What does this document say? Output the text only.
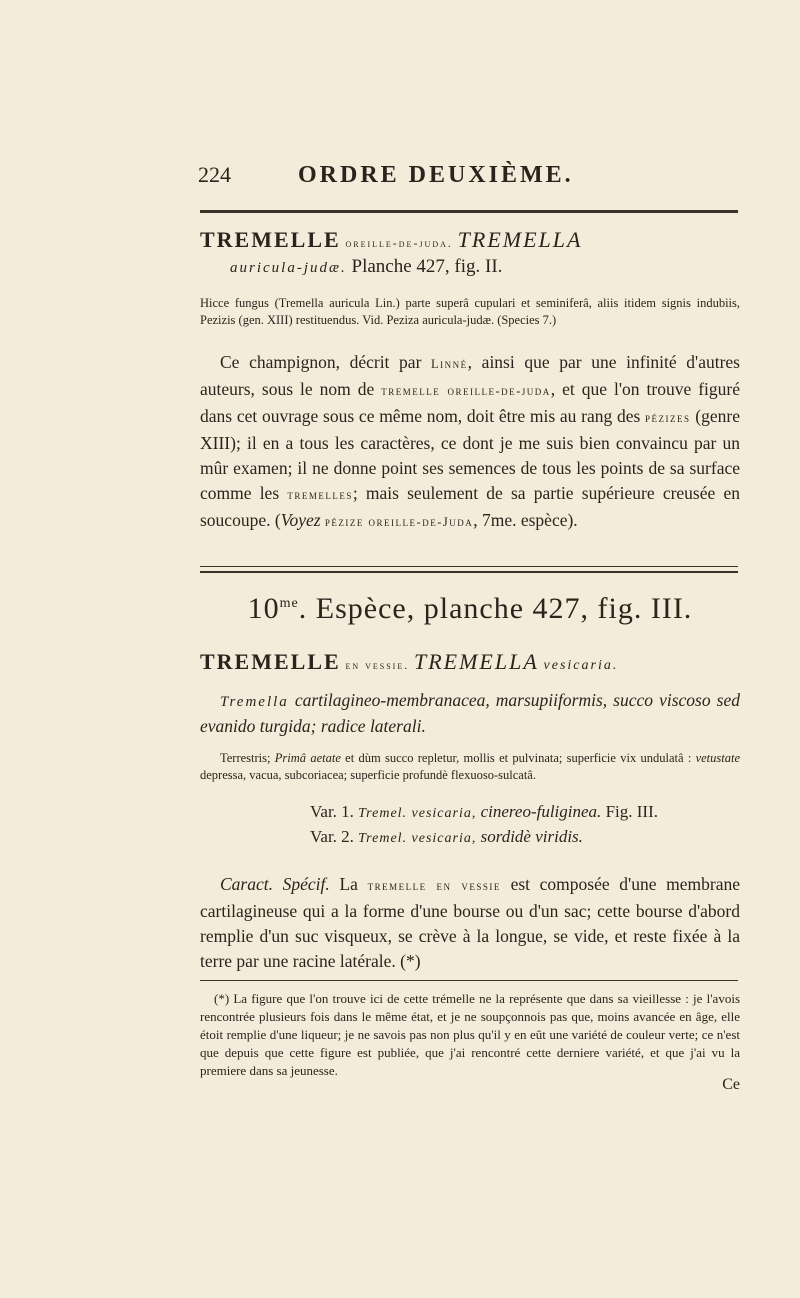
224	ORDRE DEUXIÈME.
TREMELLE oreille-de-juda. TREMELLA
auricula-judæ. Planche 427, fig. II.
Hicce fungus (Tremella auricula Lin.) parte superâ cupulari et seminiferâ, aliis itidem signis indubiis, Pezizis (gen. XIII) restituendus. Vid. Peziza auricula-judæ. (Species 7.)
Ce champignon, décrit par Linné, ainsi que par une infinité d'autres auteurs, sous le nom de tremelle oreille-de-juda, et que l'on trouve figuré dans cet ouvrage sous ce même nom, doit être mis au rang des pézizes (genre XIII); il en a tous les caractères, ce dont je me suis bien convaincu par un mûr examen; il ne donne point ses semences de tous les points de sa surface comme les tremelles; mais seulement de sa partie supérieure creusée en soucoupe. (Voyez pézize oreille-de-Juda, 7me. espèce).
$10^{me}$. Espèce, planche 427, fig. III.
TREMELLE en vessie. TREMELLA vesicaria.
Tremella cartilagineo-membranacea, marsupiiformis, succo viscoso sed evanido turgida; radice laterali.
Terrestris; Primâ aetate et dùm succo repletur, mollis et pulvinata; superficie vix undulatâ : vetustate depressa, vacua, subcoriacea; superficie profundè flexuoso-sulcatâ.
Var. 1. Tremel. vesicaria, cinereo-fuliginea. Fig. III.
Var. 2. Tremel. vesicaria, sordidè viridis.
Caract. Spécif. La tremelle en vessie est composée d'une membrane cartilagineuse qui a la forme d'une bourse ou d'un sac; cette bourse d'abord remplie d'un suc visqueux, se crève à la longue, se vide, et reste fixée à la terre par une racine latérale. (*)
(*) La figure que l'on trouve ici de cette trémelle ne la représente que dans sa vieillesse : je l'avois rencontrée plusieurs fois dans le même état, et je ne soupçonnois pas que, moins avancée en âge, elle étoit remplie d'une liqueur; je ne savois pas non plus qu'il y en eût une variété de couleur verte; ce n'est que depuis que cette figure est publiée, que j'ai rencontré cette derniere variété, et que j'ai vu la premiere dans sa jeunesse.
Ce
